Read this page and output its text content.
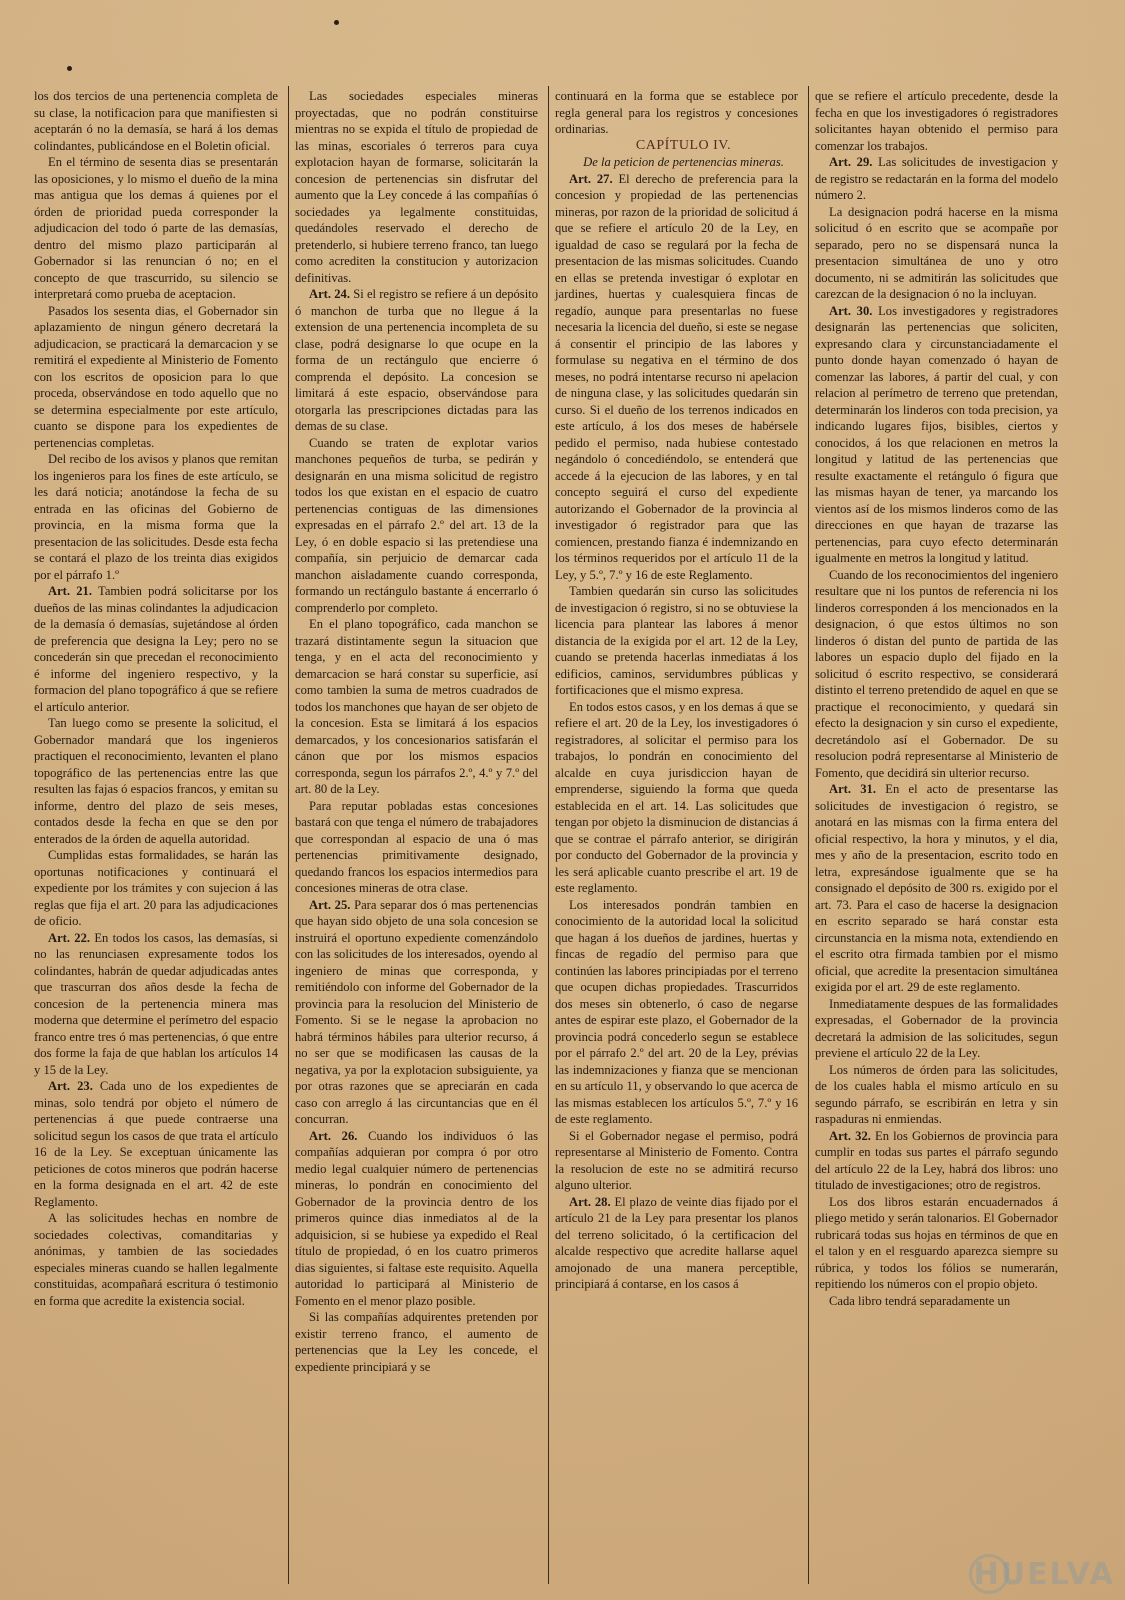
los dos tercios de una pertenencia completa de su clase, la notificacion para que manifiesten si aceptarán ó no la demasía, se hará á los demas colindantes, publicándose en el Boletin oficial.

En el término de sesenta dias se presentarán las oposiciones, y lo mismo el dueño de la mina mas antigua que los demas á quienes por el órden de prioridad pueda corresponder la adjudicacion del todo ó parte de las demasías, dentro del mismo plazo participarán al Gobernador si las renuncian ó no; en el concepto de que trascurrido, su silencio se interpretará como prueba de aceptacion.

Pasados los sesenta dias, el Gobernador sin aplazamiento de ningun género decretará la adjudicacion, se practicará la demarcacion y se remitirá el expediente al Ministerio de Fomento con los escritos de oposicion para lo que proceda, observándose en todo aquello que no se determina especialmente por este artículo, cuanto se dispone para los expedientes de pertenencias completas.

Del recibo de los avisos y planos que remitan los ingenieros para los fines de este artículo, se les dará noticia; anotándose la fecha de su entrada en las oficinas del Gobierno de provincia, en la misma forma que la presentacion de las solicitudes. Desde esta fecha se contará el plazo de los treinta dias exigidos por el párrafo 1.º

Art. 21. Tambien podrá solicitarse por los dueños de las minas colindantes la adjudicacion de la demasía ó demasías, sujetándose al órden de preferencia que designa la Ley; pero no se concederán sin que precedan el reconocimiento é informe del ingeniero respectivo, y la formacion del plano topográfico á que se refiere el artículo anterior.

Tan luego como se presente la solicitud, el Gobernador mandará que los ingenieros practiquen el reconocimiento, levanten el plano topográfico de las pertenencias entre las que resulten las fajas ó espacios francos, y emitan su informe, dentro del plazo de seis meses, contados desde la fecha en que se den por enterados de la órden de aquella autoridad.

Cumplidas estas formalidades, se harán las oportunas notificaciones y continuará el expediente por los trámites y con sujecion á las reglas que fija el art. 20 para las adjudicaciones de oficio.

Art. 22. En todos los casos, las demasías, si no las renunciasen expresamente todos los colindantes, habrán de quedar adjudicadas antes que trascurran dos años desde la fecha de concesion de la pertenencia minera mas moderna que determine el perímetro del espacio franco entre tres ó mas pertenencias, ó que entre dos forme la faja de que hablan los artículos 14 y 15 de la Ley.

Art. 23. Cada uno de los expedientes de minas, solo tendrá por objeto el número de pertenencias á que puede contraerse una solicitud segun los casos de que trata el artículo 16 de la Ley. Se exceptuan únicamente las peticiones de cotos mineros que podrán hacerse en la forma designada en el art. 42 de este Reglamento.

A las solicitudes hechas en nombre de sociedades colectivas, comanditarias y anónimas, y tambien de las sociedades especiales mineras cuando se hallen legalmente constituidas, acompañará escritura ó testimonio en forma que acredite la existencia social.

Las sociedades especiales mineras proyectadas, que no podrán constituirse mientras no se expida el título de propiedad de las minas, escoriales ó terreros para cuya explotacion hayan de formarse, solicitarán la concesion de pertenencias sin disfrutar del aumento que la Ley concede á las compañías ó sociedades ya legalmente constituidas, quedándoles reservado el derecho de pretenderlo, si hubiere terreno franco, tan luego como acrediten la constitucion y autorizacion definitivas.

Art. 24. Si el registro se refiere á un depósito ó manchon de turba que no llegue á la extension de una pertenencia incompleta de su clase, podrá designarse lo que ocupe en la forma de un rectángulo que encierre ó comprenda el depósito. La concesion se limitará á este espacio, observándose para otorgarla las prescripciones dictadas para las demas de su clase.

Cuando se traten de explotar varios manchones pequeños de turba, se pedirán y designarán en una misma solicitud de registro todos los que existan en el espacio de cuatro pertenencias contiguas de las dimensiones expresadas en el párrafo 2.º del art. 13 de la Ley, ó en doble espacio si las pretendiese una compañía, sin perjuicio de demarcar cada manchon aisladamente cuando corresponda, formando un rectángulo bastante á encerrarlo ó comprenderlo por completo.

En el plano topográfico, cada manchon se trazará distintamente segun la situacion que tenga, y en el acta del reconocimiento y demarcacion se hará constar su superficie, así como tambien la suma de metros cuadrados de todos los manchones que hayan de ser objeto de la concesion. Esta se limitará á los espacios demarcados, y los concesionarios satisfarán el cánon que por los mismos espacios corresponda, segun los párrafos 2.º, 4.º y 7.º del art. 80 de la Ley.

Para reputar pobladas estas concesiones bastará con que tenga el número de trabajadores que correspondan al espacio de una ó mas pertenencias primitivamente designado, quedando francos los espacios intermedios para concesiones mineras de otra clase.

Art. 25. Para separar dos ó mas pertenencias que hayan sido objeto de una sola concesion se instruirá el oportuno expediente comenzándolo con las solicitudes de los interesados, oyendo al ingeniero de minas que corresponda, y remitiéndolo con informe del Gobernador de la provincia para la resolucion del Ministerio de Fomento. Si se le negase la aprobacion no habrá términos hábiles para ulterior recurso, á no ser que se modificasen las causas de la negativa, ya por la explotacion subsiguiente, ya por otras razones que se apreciarán en cada caso con arreglo á las circuntancias que en él concurran.

Art. 26. Cuando los individuos ó las compañías adquieran por compra ó por otro medio legal cualquier número de pertenencias mineras, lo pondrán en conocimiento del Gobernador de la provincia dentro de los primeros quince dias inmediatos al de la adquisicion, si se hubiese ya expedido el Real título de propiedad, ó en los cuatro primeros dias siguientes, si faltase este requisito. Aquella autoridad lo participará al Ministerio de Fomento en el menor plazo posible.

Si las compañías adquirentes pretenden por existir terreno franco, el aumento de pertenencias que la Ley les concede, el expediente principiará y se

continuará en la forma que se establece por regla general para los registros y concesiones ordinarias.

CAPÍTULO IV.

De la peticion de pertenencias mineras.

Art. 27. El derecho de preferencia para la concesion y propiedad de las pertenencias mineras, por razon de la prioridad de solicitud á que se refiere el artículo 20 de la Ley, en igualdad de caso se regulará por la fecha de presentacion de las mismas solicitudes. Cuando en ellas se pretenda investigar ó explotar en jardines, huertas y cualesquiera fincas de regadío, aunque para presentarlas no fuese necesaria la licencia del dueño, si este se negase á consentir el principio de las labores y formulase su negativa en el término de dos meses, no podrá intentarse recurso ni apelacion de ninguna clase, y las solicitudes quedarán sin curso. Si el dueño de los terrenos indicados en este artículo, á los dos meses de habérsele pedido el permiso, nada hubiese contestado negándolo ó concediéndolo, se entenderá que accede á la ejecucion de las labores, y en tal concepto seguirá el curso del expediente autorizando el Gobernador de la provincia al investigador ó registrador para que las comiencen, prestando fianza é indemnizando en los términos requeridos por el artículo 11 de la Ley, y 5.º, 7.º y 16 de este Reglamento.

Tambien quedarán sin curso las solicitudes de investigacion ó registro, si no se obtuviese la licencia para plantear las labores á menor distancia de la exigida por el art. 12 de la Ley, cuando se pretenda hacerlas inmediatas á los edificios, caminos, servidumbres públicas y fortificaciones que el mismo expresa.

En todos estos casos, y en los demas á que se refiere el art. 20 de la Ley, los investigadores ó registradores, al solicitar el permiso para los trabajos, lo pondrán en conocimiento del alcalde en cuya jurisdiccion hayan de emprenderse, siguiendo la forma que queda establecida en el art. 14. Las solicitudes que tengan por objeto la disminucion de distancias á que se contrae el párrafo anterior, se dirigirán por conducto del Gobernador de la provincia y les será aplicable cuanto prescribe el art. 19 de este reglamento.

Los interesados pondrán tambien en conocimiento de la autoridad local la solicitud que hagan á los dueños de jardines, huertas y fincas de regadío del permiso para que continúen las labores principiadas por el terreno que ocupen dichas propiedades. Trascurridos dos meses sin obtenerlo, ó caso de negarse antes de espirar este plazo, el Gobernador de la provincia podrá concederlo segun se establece por el párrafo 2.º del art. 20 de la Ley, prévias las indemnizaciones y fianza que se mencionan en su artículo 11, y observando lo que acerca de las mismas establecen los artículos 5.º, 7.º y 16 de este reglamento.

Si el Gobernador negase el permiso, podrá representarse al Ministerio de Fomento. Contra la resolucion de este no se admitirá recurso alguno ulterior.

Art. 28. El plazo de veinte dias fijado por el artículo 21 de la Ley para presentar los planos del terreno solicitado, ó la certificacion del alcalde respectivo que acredite hallarse aquel amojonado de una manera perceptible, principiará á contarse, en los casos á

que se refiere el artículo precedente, desde la fecha en que los investigadores ó registradores solicitantes hayan obtenido el permiso para comenzar los trabajos.

Art. 29. Las solicitudes de investigacion y de registro se redactarán en la forma del modelo número 2.

La designacion podrá hacerse en la misma solicitud ó en escrito que se acompañe por separado, pero no se dispensará nunca la presentacion simultánea de uno y otro documento, ni se admitirán las solicitudes que carezcan de la designacion ó no la incluyan.

Art. 30. Los investigadores y registradores designarán las pertenencias que soliciten, expresando clara y circunstanciadamente el punto donde hayan comenzado ó hayan de comenzar las labores, á partir del cual, y con relacion al perímetro de terreno que pretendan, determinarán los linderos con toda precision, ya indicando lugares fijos, bisibles, ciertos y conocidos, á los que relacionen en metros la longitud y latitud de las pertenencias que resulte exactamente el retángulo ó figura que las mismas hayan de tener, ya marcando los vientos así de los mismos linderos como de las direcciones en que hayan de trazarse las pertenencias, para cuyo efecto determinarán igualmente en metros la longitud y latitud.

Cuando de los reconocimientos del ingeniero resultare que ni los puntos de referencia ni los linderos corresponden á los mencionados en la designacion, ó que estos últimos no son linderos ó distan del punto de partida de las labores un espacio duplo del fijado en la solicitud ó escrito respectivo, se considerará distinto el terreno pretendido de aquel en que se practique el reconocimiento, y quedará sin efecto la designacion y sin curso el expediente, decretándolo así el Gobernador. De su resolucion podrá representarse al Ministerio de Fomento, que decidirá sin ulterior recurso.

Art. 31. En el acto de presentarse las solicitudes de investigacion ó registro, se anotará en las mismas con la firma entera del oficial respectivo, la hora y minutos, y el dia, mes y año de la presentacion, escrito todo en letra, expresándose igualmente que se ha consignado el depósito de 300 rs. exigido por el art. 73. Para el caso de hacerse la designacion en escrito separado se hará constar esta circunstancia en la misma nota, extendiendo en el escrito otra firmada tambien por el mismo oficial, que acredite la presentacion simultánea exigida por el art. 29 de este reglamento.

Inmediatamente despues de las formalidades expresadas, el Gobernador de la provincia decretará la admision de las solicitudes, segun previene el artículo 22 de la Ley.

Los números de órden para las solicitudes, de los cuales habla el mismo artículo en su segundo párrafo, se escribirán en letra y sin raspaduras ni enmiendas.

Art. 32. En los Gobiernos de provincia para cumplir en todas sus partes el párrafo segundo del artículo 22 de la Ley, habrá dos libros: uno titulado de investigaciones; otro de registros.

Los dos libros estarán encuadernados á pliego metido y serán talonarios. El Gobernador rubricará todas sus hojas en términos de que en el talon y en el resguardo aparezca siempre su rúbrica, y todos los fólios se numerarán, repitiendo los números con el propio objeto.

Cada libro tendrá separadamente un

HUELVA
